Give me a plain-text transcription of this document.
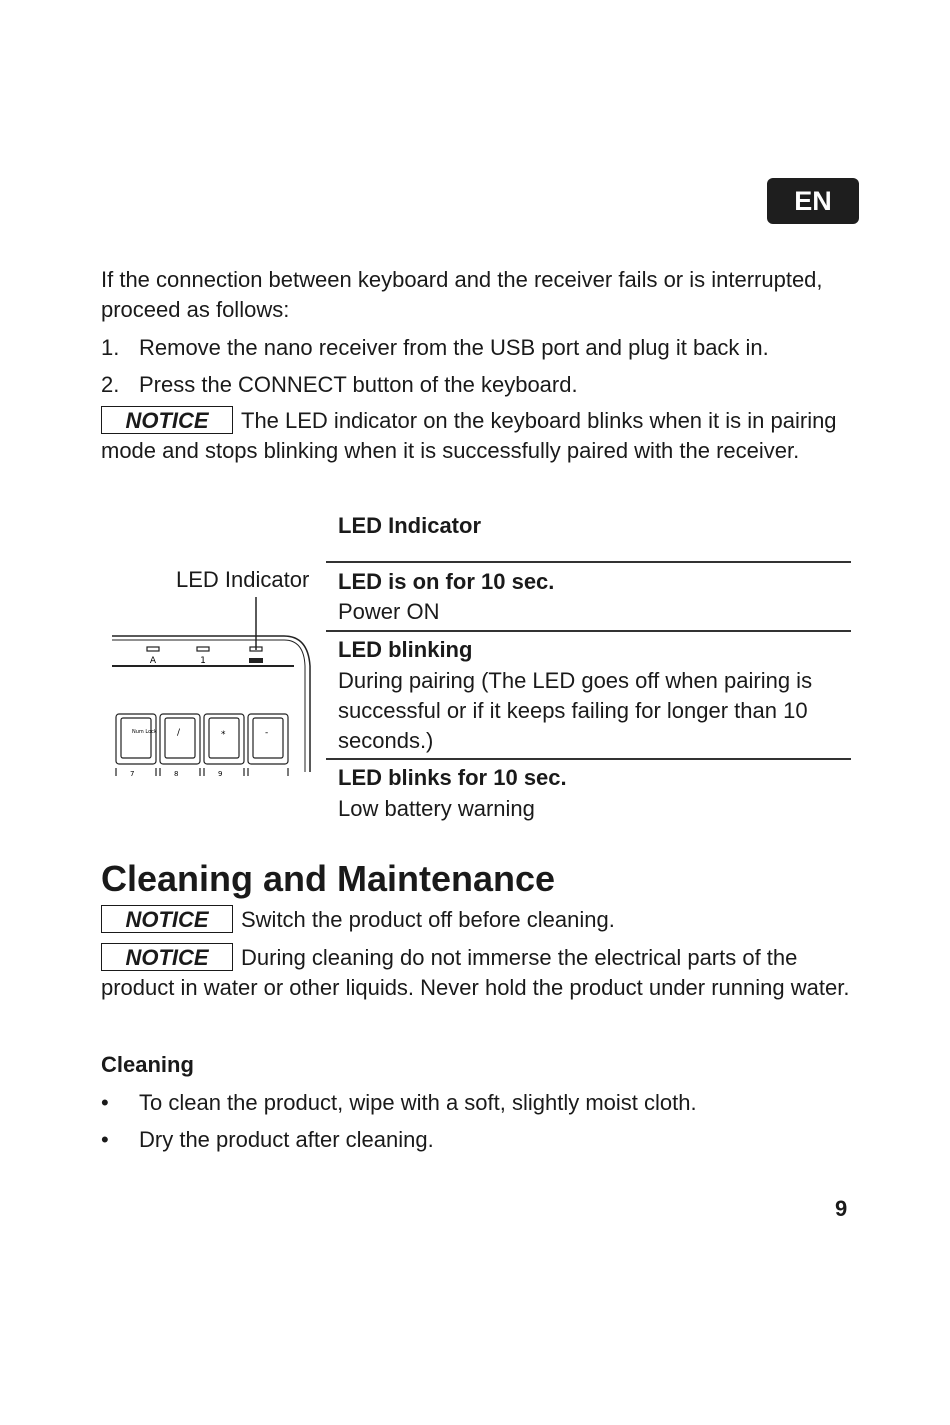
EN
If the connection between keyboard and the receiver fails or is interrupted, proceed as follows:
1. Remove the nano receiver from the USB port and plug it back in.
2. Press the CONNECT button of the keyboard.
NOTICE The LED indicator on the keyboard blinks when it is in pairing mode and stops blinking when it is successfully paired with the receiver.
LED Indicator
LED Indicator LED is on for 10 sec.
Power ON
LED blinking
During pairing (The LED goes off when pairing is successful or if it keeps failing for longer than 10 seconds.)
LED blinks for 10 sec.
Low battery warning
A	1
Num Lock /	*	-
7	8	9
Cleaning and Maintenance
NOTICE Switch the product off before cleaning.
NOTICE During cleaning do not immerse the electrical parts of the product in water or other liquids. Never hold the product under running water.
Cleaning
• To clean the product, wipe with a soft, slightly moist cloth.
• Dry the product after cleaning.
9
